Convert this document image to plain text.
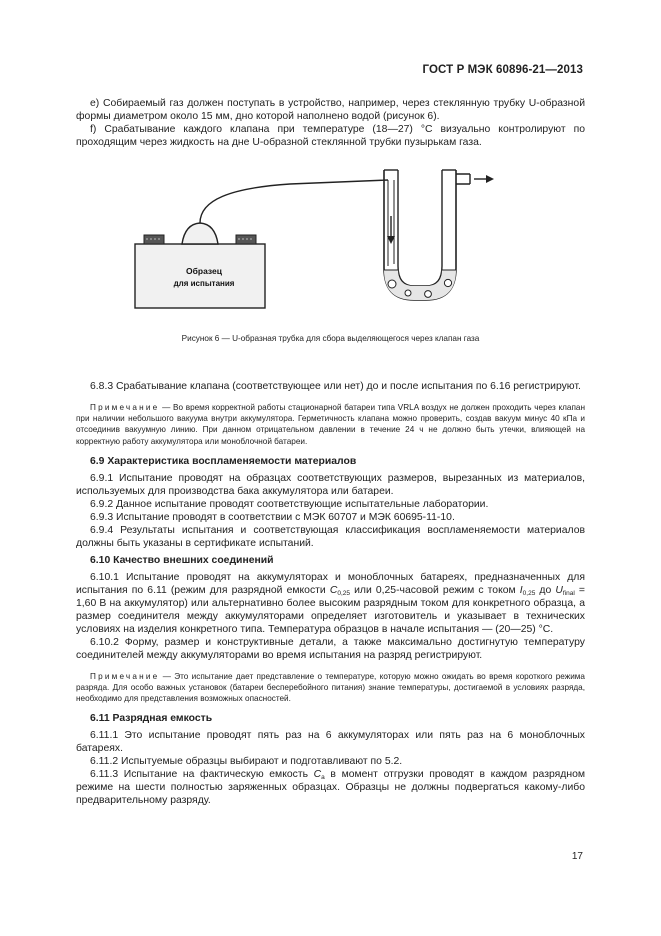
ГОСТ Р МЭК 60896-21—2013

e) Собираемый газ должен поступать в устройство, например, через стеклянную трубку U-образной формы диаметром около 15 мм, дно которой наполнено водой (рисунок 6).

f) Срабатывание каждого клапана при температуре (18—27) °С визуально контролируют по проходящим через жидкость на дне U-образной стеклянной трубки пузырькам газа.

Образец
для испытания
Рисунок 6 — U-образная трубка для сбора выделяющегося через клапан газа

6.8.3 Срабатывание клапана (соответствующее или нет) до и после испытания по 6.16 регистрируют.

Примечание — Во время корректной работы стационарной батареи типа VRLA воздух не должен проходить через клапан при наличии небольшого вакуума внутри аккумулятора. Герметичность клапана можно проверить, создав вакуум минус 40 кПа и отсоединив вакуумную линию. При данном отрицательном давлении в течение 24 ч не должно быть утечки, влияющей на корректную работу аккумулятора или моноблочной батареи.

6.9 Характеристика воспламеняемости материалов

6.9.1 Испытание проводят на образцах соответствующих размеров, вырезанных из материалов, используемых для производства бака аккумулятора или батареи.

6.9.2 Данное испытание проводят соответствующие испытательные лаборатории.

6.9.3 Испытание проводят в соответствии с МЭК 60707 и МЭК 60695-11-10.

6.9.4 Результаты испытания и соответствующая классификация воспламеняемости материалов должны быть указаны в сертификате испытаний.

6.10 Качество внешних соединений

6.10.1 Испытание проводят на аккумуляторах и моноблочных батареях, предназначенных для испытания по 6.11 (режим для разрядной емкости $C_{0,25}$ или 0,25-часовой режим с током $I_{0,25}$ до $U_{final} = 1,60$ В на аккумулятор) или альтернативно более высоким разрядным током для конкретного образца, а размер соединителя между аккумуляторами определяет изготовитель и указывает в технических условиях на изделия конкретного типа. Температура образцов в начале испытания — (20—25) °С.

6.10.2 Форму, размер и конструктивные детали, а также максимально достигнутую температуру соединителей между аккумуляторами во время испытания на разряд регистрируют.

Примечание — Это испытание дает представление о температуре, которую можно ожидать во время короткого режима разряда. Для особо важных установок (батареи бесперебойного питания) знание температуры, достигаемой в условиях разряда, необходимо для представления возможных опасностей.

6.11 Разрядная емкость

6.11.1 Это испытание проводят пять раз на 6 аккумуляторах или пять раз на 6 моноблочных батареях.

6.11.2 Испытуемые образцы выбирают и подготавливают по 5.2.

6.11.3 Испытание на фактическую емкость $C_a$ в момент отгрузки проводят в каждом разрядном режиме на шести полностью заряженных образцах. Образцы не должны подвергаться какому-либо предварительному разряду.

17
